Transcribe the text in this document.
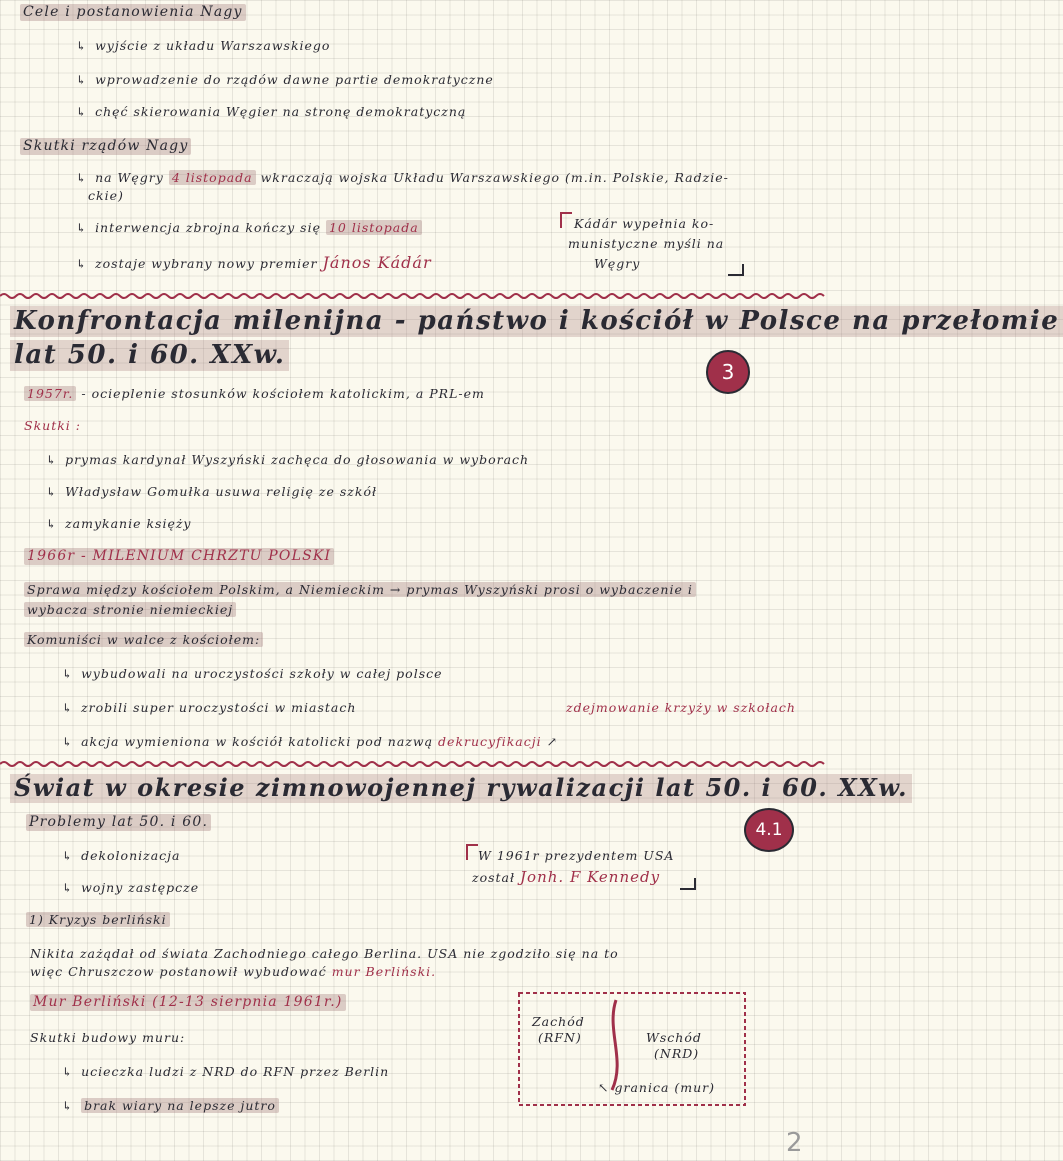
Cele i postanowienia Nagy
↳ wyjście z układu Warszawskiego
↳ wprowadzenie do rządów dawne partie demokratyczne
↳ chęć skierowania Węgier na stronę demokratyczną
Skutki rządów Nagy
↳ na Węgry 4 listopada wkraczają wojska Układu Warszawskiego (m.in. Polskie, Radzie-
ckie)
↳ interwencja zbrojna kończy się 10 listopada
↳ zostaje wybrany nowy premier János Kádár
Kádár wypełnia ko-
munistyczne myśli na
Węgry
Konfrontacja milenijna - państwo i kościół w Polsce na przełomie
lat 50. i 60. XXw.
3
1957r. - ocieplenie stosunków kościołem katolickim, a PRL-em
Skutki :
↳ prymas kardynał Wyszyński zachęca do głosowania w wyborach
↳ Władysław Gomułka usuwa religię ze szkół
↳ zamykanie księży
1966r - MILENIUM CHRZTU POLSKI
Sprawa między kościołem Polskim, a Niemieckim → prymas Wyszyński prosi o wybaczenie i
wybacza stronie niemieckiej
Komuniści w walce z kościołem:
↳ wybudowali na uroczystości szkoły w całej polsce
↳ zrobili super uroczystości w miastach	zdejmowanie krzyży w szkołach
↳ akcja wymieniona w kościół katolicki pod nazwą dekrucyfikacji ↗
Świat w okresie zimnowojennej rywalizacji lat 50. i 60. XXw.
4.1
Problemy lat 50. i 60.
↳ dekolonizacja
↳ wojny zastępcze
W 1961r prezydentem USA
został Jonh. F Kennedy
1) Kryzys berliński
Nikita zażądał od świata Zachodniego całego Berlina. USA nie zgodziło się na to
więc Chruszczow postanowił wybudować mur Berliński.
Mur Berliński (12-13 sierpnia 1961r.)
Skutki budowy muru:
↳ ucieczka ludzi z NRD do RFN przez Berlin
↳ brak wiary na lepsze jutro
Zachód
(RFN)	Wschód
(NRD)
↖ granica (mur)
2
